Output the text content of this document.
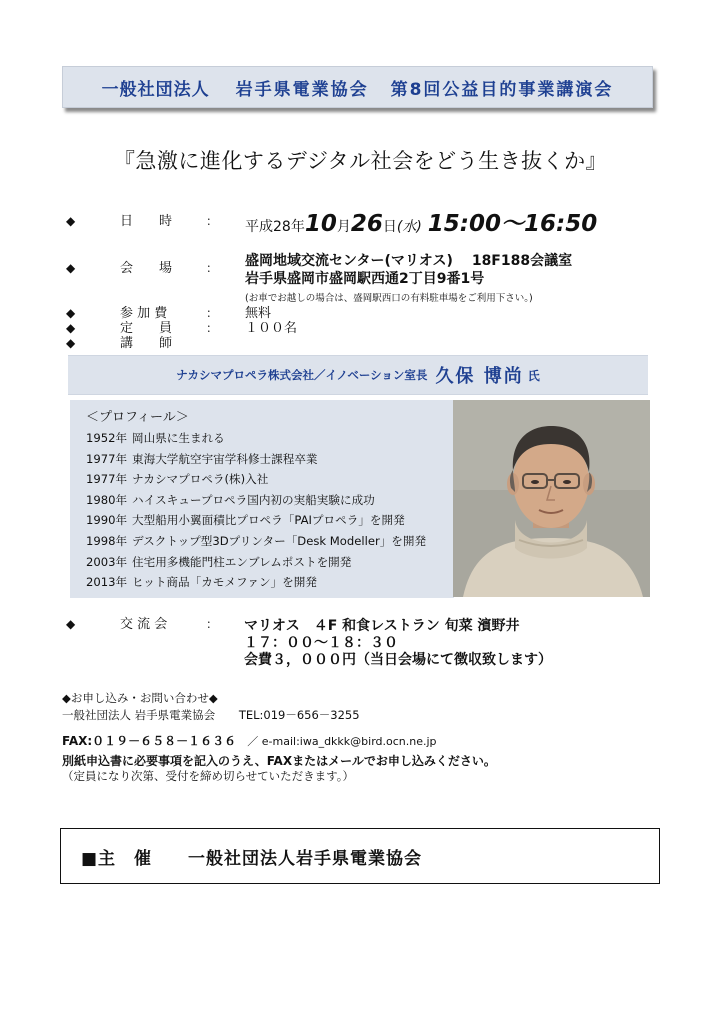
一般社団法人 岩手県電業協会 第8回公益目的事業講演会
『急激に進化するデジタル社会をどう生き抜くか』
◆	日　　時	： 平成28年10月26日(水) 15:00～16:50
◆	会　　場	： 盛岡地域交流センター(マリオス)　 18F188会議室
岩手県盛岡市盛岡駅西通2丁目9番1号
(お車でお越しの場合は、盛岡駅西口の有料駐車場をご利用下さい。)
◆	参 加 費	： 無料
◆	定　　員	： １００名
◆	講　　師
ナカシマプロペラ株式会社／イノベーション室長 久保 博尚 氏
＜プロフィール＞
1952年 岡山県に生まれる
1977年 東海大学航空宇宙学科修士課程卒業
1977年 ナカシマプロペラ(株)入社
1980年 ハイスキュープロペラ国内初の実船実験に成功
1990年 大型船用小翼面積比プロペラ「PAIプロペラ」を開発
1998年 デスクトップ型3Dプリンター「Desk Modeller」を開発
2003年 住宅用多機能門柱エンブレムポストを開発
2013年 ヒット商品「カモメファン」を開発
◆	交 流 会	： マリオス　４F 和食レストラン 旬菜 濱野井
１７：００～１８：３０
会費３，０００円（当日会場にて徴収致します）
◆お申し込み・お問い合わせ◆
一般社団法人 岩手県電業協会 TEL:019－656－3255
FAX:０１９－６５８－１６３６ ／ e-mail:iwa_dkkk@bird.ocn.ne.jp
別紙申込書に必要事項を記入のうえ、FAXまたはメールでお申し込みください。
（定員になり次第、受付を締め切らせていただきます。）
■主　催　　一般社団法人岩手県電業協会
